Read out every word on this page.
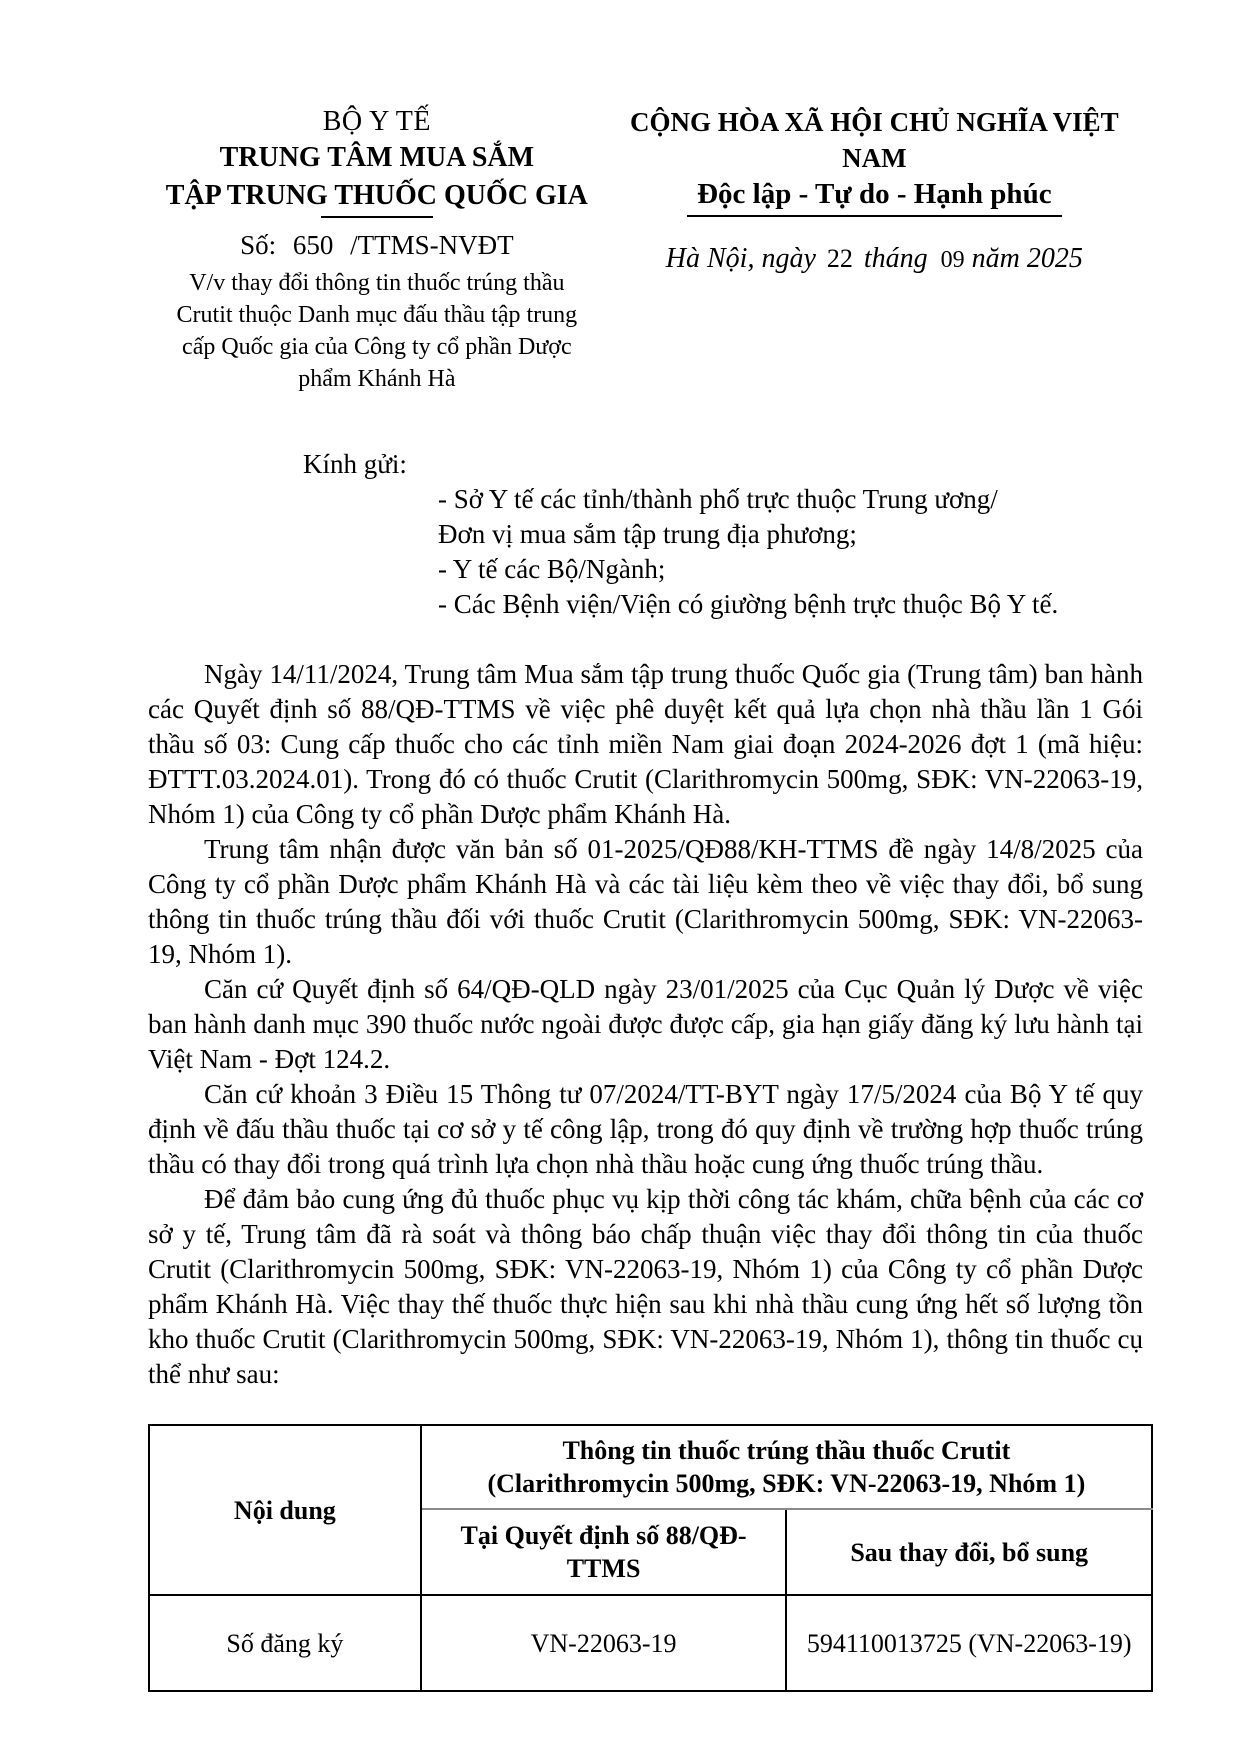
BỘ Y TẾ
TRUNG TÂM MUA SẮM
TẬP TRUNG THUỐC QUỐC GIA
Số: 650 /TTMS-NVĐT
V/v thay đổi thông tin thuốc trúng thầu
Crutit thuộc Danh mục đấu thầu tập trung
cấp Quốc gia của Công ty cổ phần Dược
phẩm Khánh Hà
CỘNG HÒA XÃ HỘI CHỦ NGHĨA VIỆT NAM
Độc lập - Tự do - Hạnh phúc
Hà Nội, ngày 22 tháng 09 năm 2025
Kính gửi:
- Sở Y tế các tỉnh/thành phố trực thuộc Trung ương/
Đơn vị mua sắm tập trung địa phương;
- Y tế các Bộ/Ngành;
- Các Bệnh viện/Viện có giường bệnh trực thuộc Bộ Y tế.

Ngày 14/11/2024, Trung tâm Mua sắm tập trung thuốc Quốc gia (Trung tâm) ban hành các Quyết định số 88/QĐ-TTMS về việc phê duyệt kết quả lựa chọn nhà thầu lần 1 Gói thầu số 03: Cung cấp thuốc cho các tỉnh miền Nam giai đoạn 2024-2026 đợt 1 (mã hiệu: ĐTTT.03.2024.01). Trong đó có thuốc Crutit (Clarithromycin 500mg, SĐK: VN-22063-19, Nhóm 1) của Công ty cổ phần Dược phẩm Khánh Hà.

Trung tâm nhận được văn bản số 01-2025/QĐ88/KH-TTMS đề ngày 14/8/2025 của Công ty cổ phần Dược phẩm Khánh Hà và các tài liệu kèm theo về việc thay đổi, bổ sung thông tin thuốc trúng thầu đối với thuốc Crutit (Clarithromycin 500mg, SĐK: VN-22063-19, Nhóm 1).

Căn cứ Quyết định số 64/QĐ-QLD ngày 23/01/2025 của Cục Quản lý Dược về việc ban hành danh mục 390 thuốc nước ngoài được được cấp, gia hạn giấy đăng ký lưu hành tại Việt Nam - Đợt 124.2.

Căn cứ khoản 3 Điều 15 Thông tư 07/2024/TT-BYT ngày 17/5/2024 của Bộ Y tế quy định về đấu thầu thuốc tại cơ sở y tế công lập, trong đó quy định về trường hợp thuốc trúng thầu có thay đổi trong quá trình lựa chọn nhà thầu hoặc cung ứng thuốc trúng thầu.

Để đảm bảo cung ứng đủ thuốc phục vụ kịp thời công tác khám, chữa bệnh của các cơ sở y tế, Trung tâm đã rà soát và thông báo chấp thuận việc thay đổi thông tin của thuốc Crutit (Clarithromycin 500mg, SĐK: VN-22063-19, Nhóm 1) của Công ty cổ phần Dược phẩm Khánh Hà. Việc thay thế thuốc thực hiện sau khi nhà thầu cung ứng hết số lượng tồn kho thuốc Crutit (Clarithromycin 500mg, SĐK: VN-22063-19, Nhóm 1), thông tin thuốc cụ thể như sau:

Nội dung	Thông tin thuốc trúng thầu thuốc Crutit
(Clarithromycin 500mg, SĐK: VN-22063-19, Nhóm 1)	

	Tại Quyết định số 88/QĐ-TTMS	Sau thay đổi, bổ sung
Số đăng ký	VN-22063-19	594110013725 (VN-22063-19)
